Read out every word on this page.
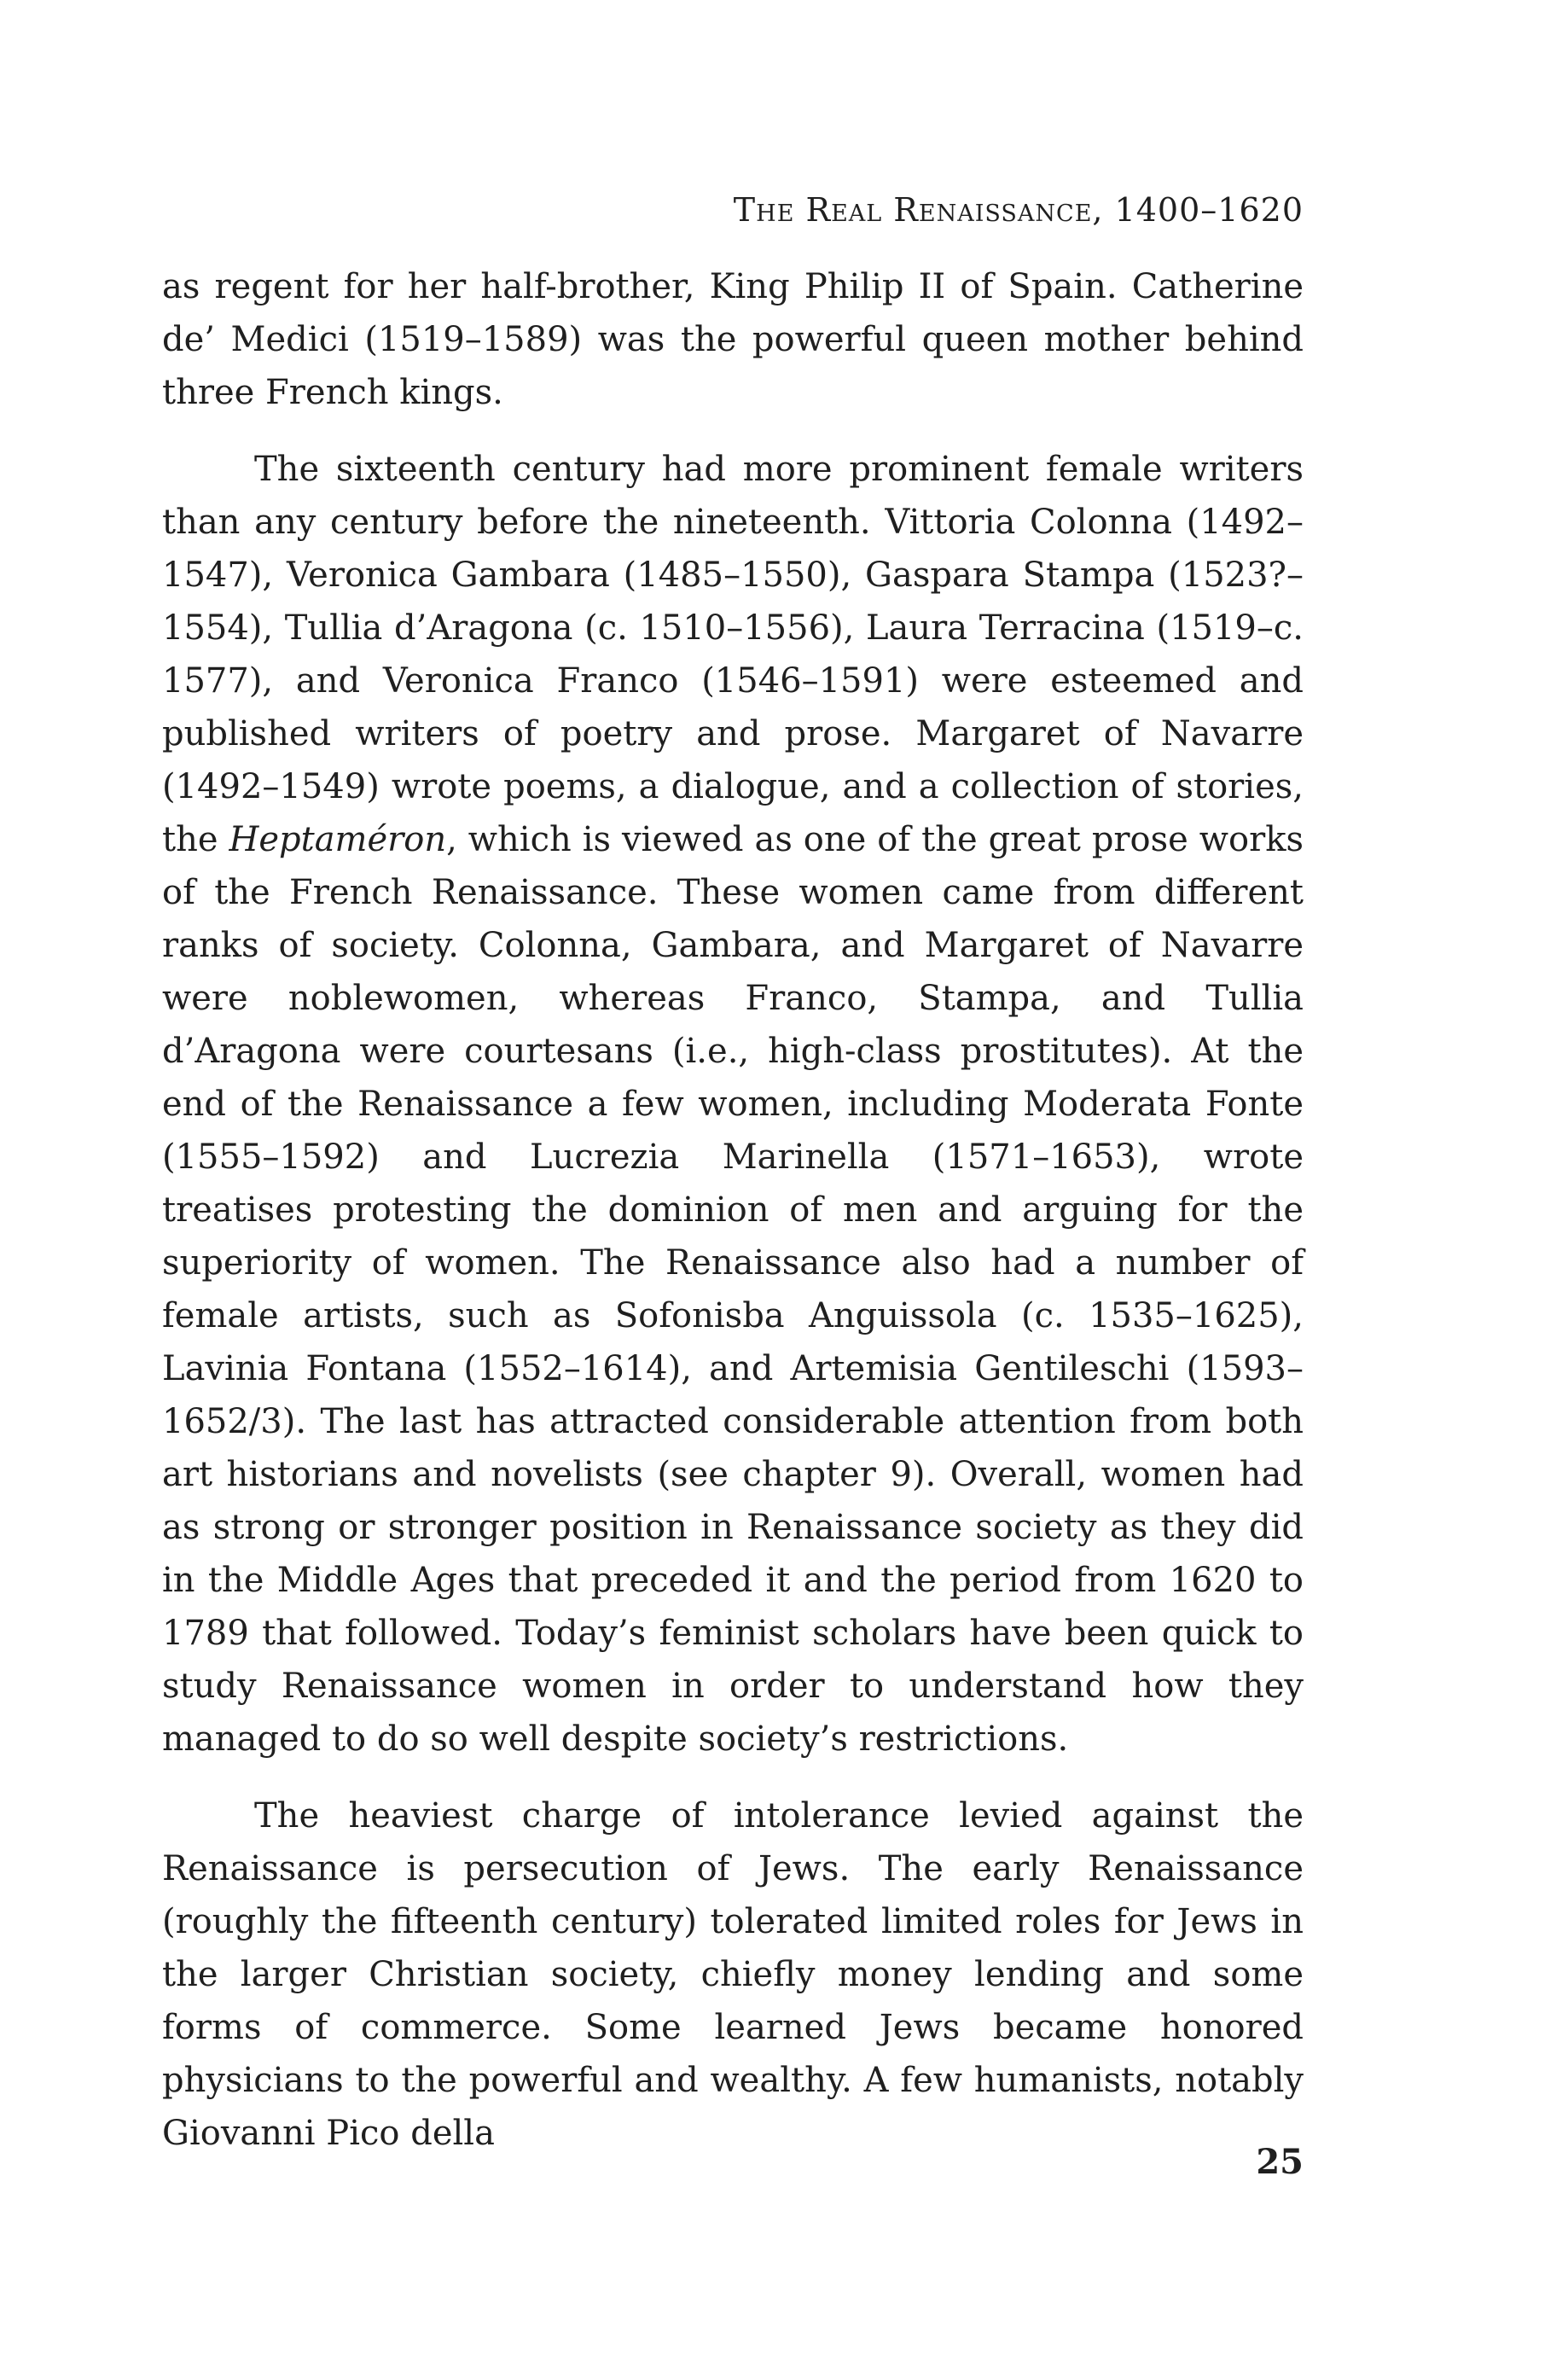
The Real Renaissance, 1400–1620

as regent for her half-brother, King Philip II of Spain. Catherine de’ Medici (1519–1589) was the powerful queen mother behind three French kings.

The sixteenth century had more prominent female writers than any century before the nineteenth. Vittoria Colonna (1492–1547), Veronica Gambara (1485–1550), Gaspara Stampa (1523?–1554), Tullia d’Aragona (c. 1510–1556), Laura Terracina (1519–c. 1577), and Veronica Franco (1546–1591) were esteemed and published writers of poetry and prose. Margaret of Navarre (1492–1549) wrote poems, a dialogue, and a collection of stories, the Heptaméron, which is viewed as one of the great prose works of the French Renaissance. These women came from different ranks of society. Colonna, Gambara, and Margaret of Navarre were noblewomen, whereas Franco, Stampa, and Tullia d’Aragona were courtesans (i.e., high-class prostitutes). At the end of the Renaissance a few women, including Moderata Fonte (1555–1592) and Lucrezia Marinella (1571–1653), wrote treatises protesting the dominion of men and arguing for the superiority of women. The Renaissance also had a number of female artists, such as Sofonisba Anguissola (c. 1535–1625), Lavinia Fontana (1552–1614), and Artemisia Gentileschi (1593–1652/3). The last has attracted considerable attention from both art historians and novelists (see chapter 9). Overall, women had as strong or stronger position in Renaissance society as they did in the Middle Ages that preceded it and the period from 1620 to 1789 that followed. Today’s feminist scholars have been quick to study Renaissance women in order to understand how they managed to do so well despite society’s restrictions.

The heaviest charge of intolerance levied against the Renaissance is persecution of Jews. The early Renaissance (roughly the fifteenth century) tolerated limited roles for Jews in the larger Christian society, chiefly money lending and some forms of commerce. Some learned Jews became honored physicians to the powerful and wealthy. A few humanists, notably Giovanni Pico della

25
